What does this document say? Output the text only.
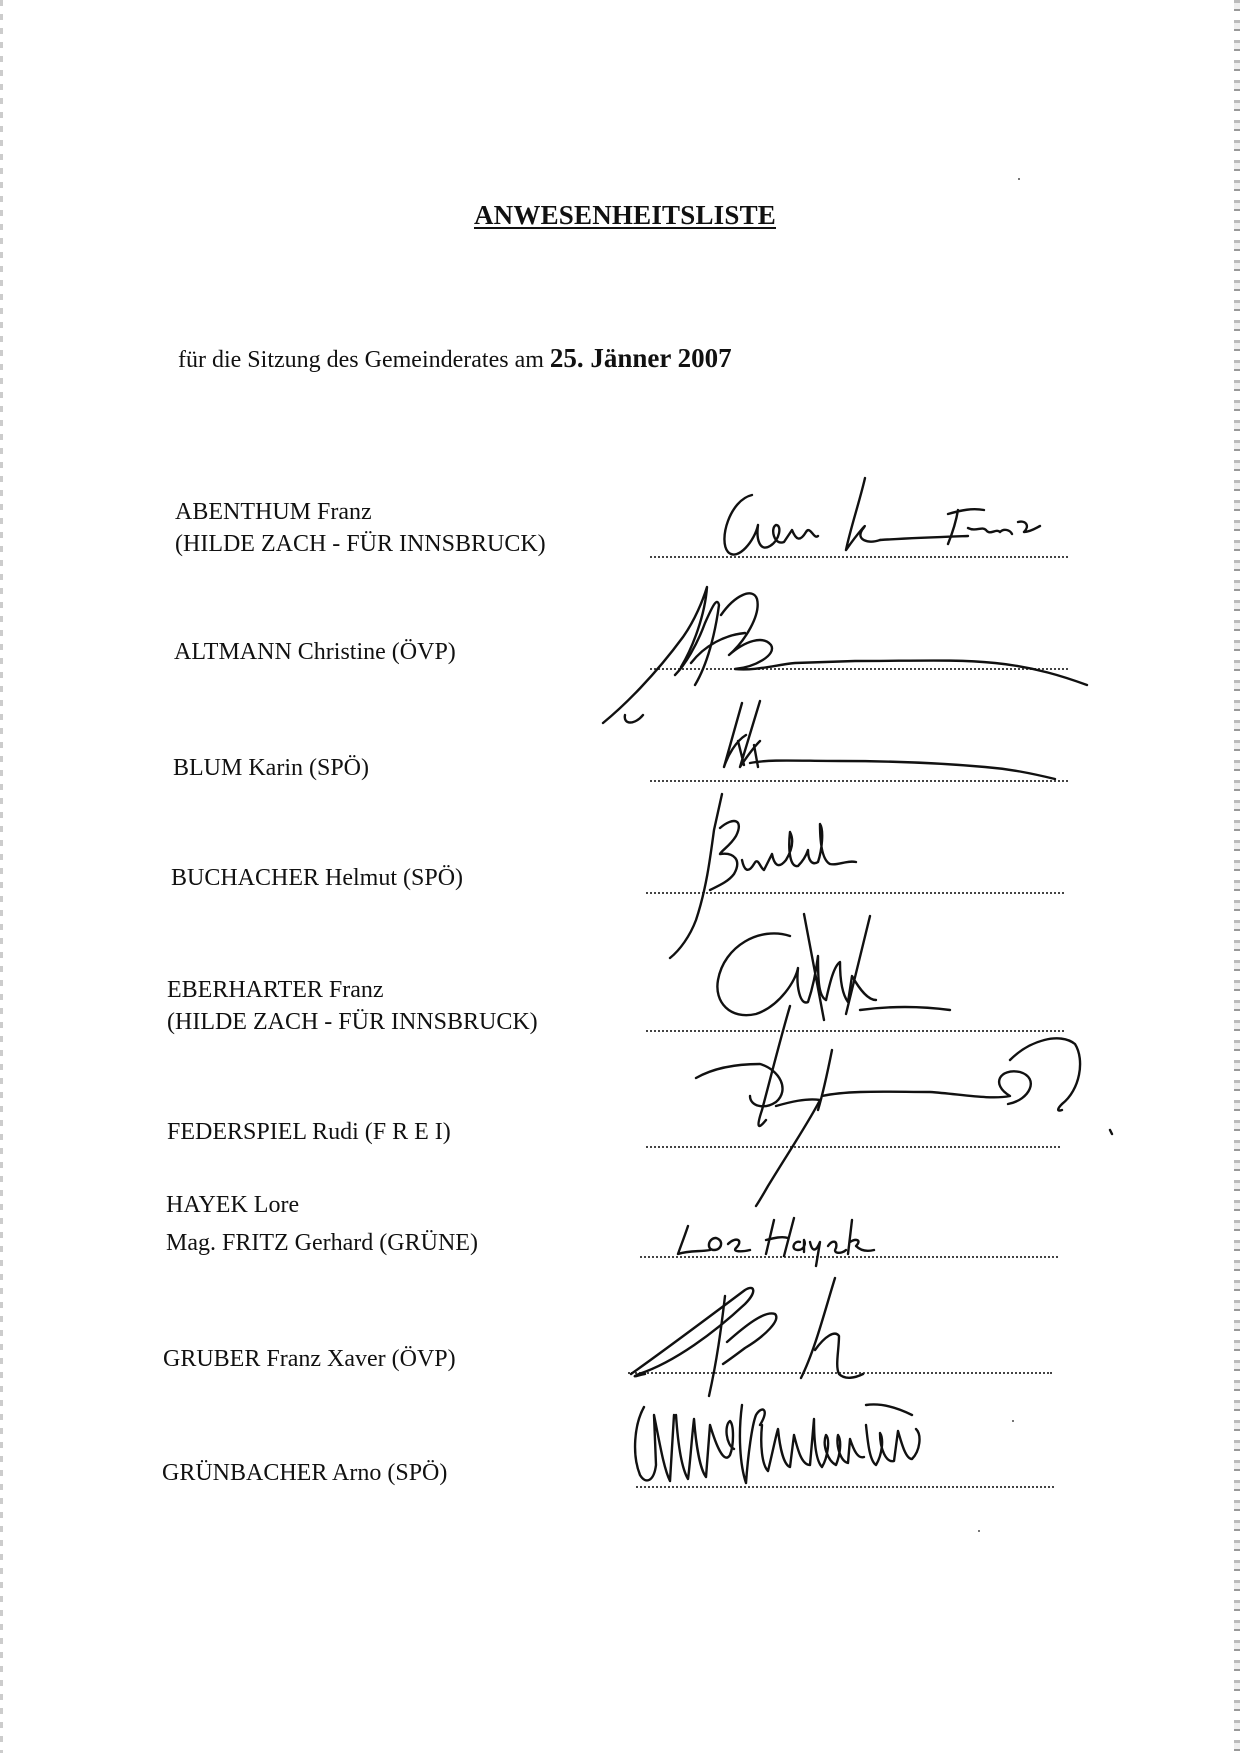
ANWESENHEITSLISTE
für die Sitzung des Gemeinderates am 25. Jänner 2007
ABENTHUM Franz
(HILDE ZACH - FÜR INNSBRUCK)
ALTMANN Christine (ÖVP)
BLUM Karin (SPÖ)
BUCHACHER Helmut (SPÖ)
EBERHARTER Franz
(HILDE ZACH - FÜR INNSBRUCK)
FEDERSPIEL Rudi (F R E I)
HAYEK Lore
Mag. FRITZ Gerhard (GRÜNE)
GRUBER Franz Xaver (ÖVP)
GRÜNBACHER Arno (SPÖ)
